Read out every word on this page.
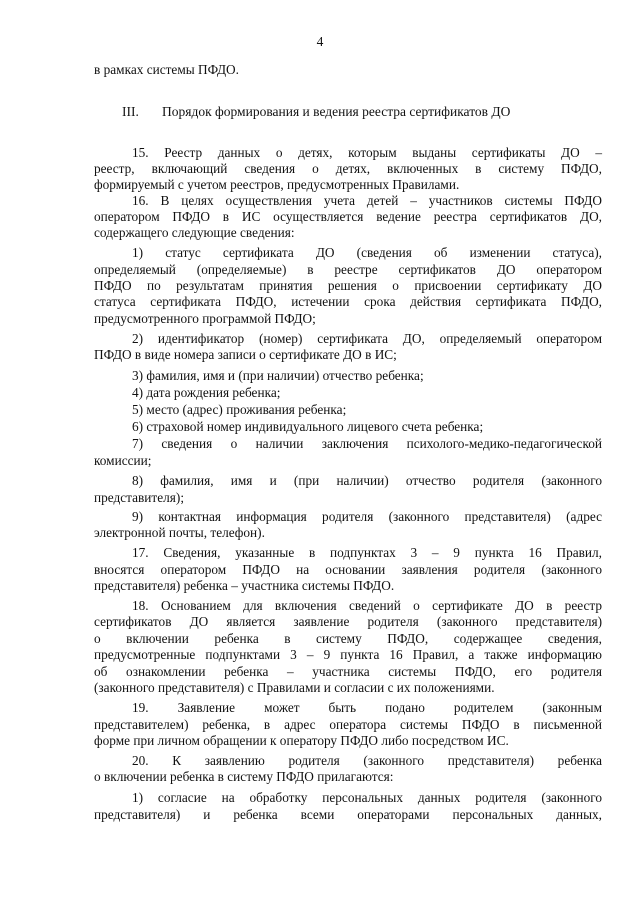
4
III. Порядок формирования и ведения реестра сертификатов ДО
в рамках системы ПФДО.
15. Реестр данных о детях, которым выданы сертификаты ДО –
реестр, включающий сведения о детях, включенных в систему ПФДО,
формируемый с учетом реестров, предусмотренных Правилами.
16. В целях осуществления учета детей – участников системы ПФДО
оператором ПФДО в ИС осуществляется ведение реестра сертификатов ДО,
содержащего следующие сведения:
1) статус сертификата ДО (сведения об изменении статуса),
определяемый (определяемые) в реестре сертификатов ДО оператором
ПФДО по результатам принятия решения о присвоении сертификату ДО
статуса сертификата ПФДО, истечении срока действия сертификата ПФДО,
предусмотренного программой ПФДО;
2) идентификатор (номер) сертификата ДО, определяемый оператором
ПФДО в виде номера записи о сертификате ДО в ИС;
3) фамилия, имя и (при наличии) отчество ребенка;
4) дата рождения ребенка;
5) место (адрес) проживания ребенка;
6) страховой номер индивидуального лицевого счета ребенка;
7) сведения о наличии заключения психолого-медико-педагогической
комиссии;
8) фамилия, имя и (при наличии) отчество родителя (законного
представителя);
9) контактная информация родителя (законного представителя) (адрес
электронной почты, телефон).
17. Сведения, указанные в подпунктах 3 – 9 пункта 16 Правил,
вносятся оператором ПФДО на основании заявления родителя (законного
представителя) ребенка – участника системы ПФДО.
18. Основанием для включения сведений о сертификате ДО в реестр
сертификатов ДО является заявление родителя (законного представителя)
о включении ребенка в систему ПФДО, содержащее сведения,
предусмотренные подпунктами 3 – 9 пункта 16 Правил, а также информацию
об ознакомлении ребенка – участника системы ПФДО, его родителя
(законного представителя) с Правилами и согласии с их положениями.
19. Заявление может быть подано родителем (законным
представителем) ребенка, в адрес оператора системы ПФДО в письменной
форме при личном обращении к оператору ПФДО либо посредством ИС.
20. К заявлению родителя (законного представителя) ребенка
о включении ребенка в систему ПФДО прилагаются:
1) согласие на обработку персональных данных родителя (законного
представителя) и ребенка всеми операторами персональных данных,
